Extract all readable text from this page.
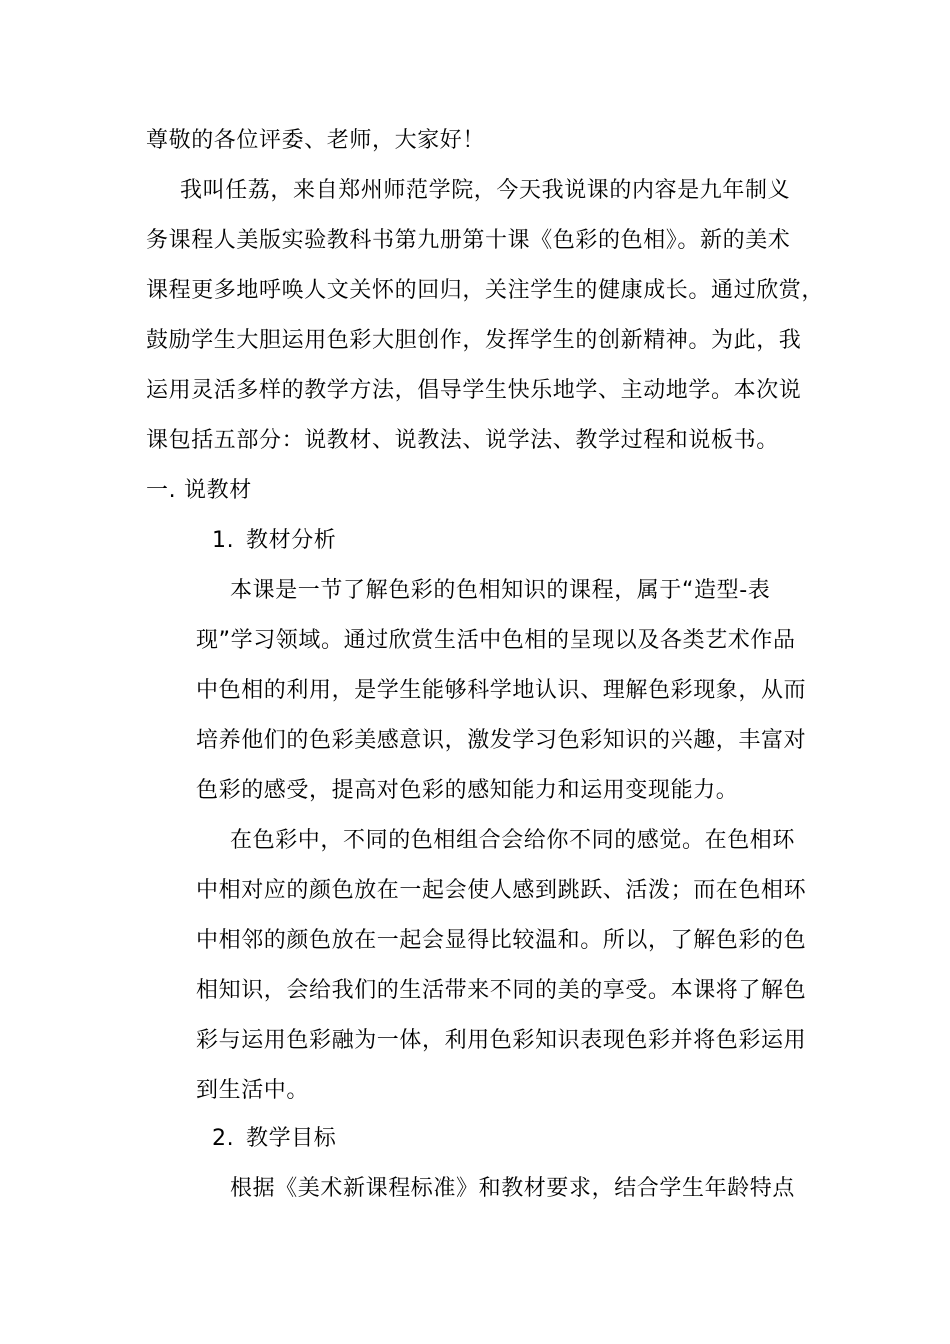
尊敬的各位评委、老师，大家好！
我叫任荔，来自郑州师范学院，今天我说课的内容是九年制义
务课程人美版实验教科书第九册第十课《色彩的色相》。新的美术
课程更多地呼唤人文关怀的回归，关注学生的健康成长。通过欣赏，
鼓励学生大胆运用色彩大胆创作，发挥学生的创新精神。为此，我
运用灵活多样的教学方法，倡导学生快乐地学、主动地学。本次说
课包括五部分：说教材、说教法、说学法、教学过程和说板书。
一. 说教材
1. 教材分析
本课是一节了解色彩的色相知识的课程，属于“造型-表
现”学习领域。通过欣赏生活中色相的呈现以及各类艺术作品
中色相的利用，是学生能够科学地认识、理解色彩现象，从而
培养他们的色彩美感意识，激发学习色彩知识的兴趣，丰富对
色彩的感受，提高对色彩的感知能力和运用变现能力。
在色彩中，不同的色相组合会给你不同的感觉。在色相环
中相对应的颜色放在一起会使人感到跳跃、活泼；而在色相环
中相邻的颜色放在一起会显得比较温和。所以，了解色彩的色
相知识，会给我们的生活带来不同的美的享受。本课将了解色
彩与运用色彩融为一体，利用色彩知识表现色彩并将色彩运用
到生活中。
2. 教学目标
根据《美术新课程标准》和教材要求，结合学生年龄特点
